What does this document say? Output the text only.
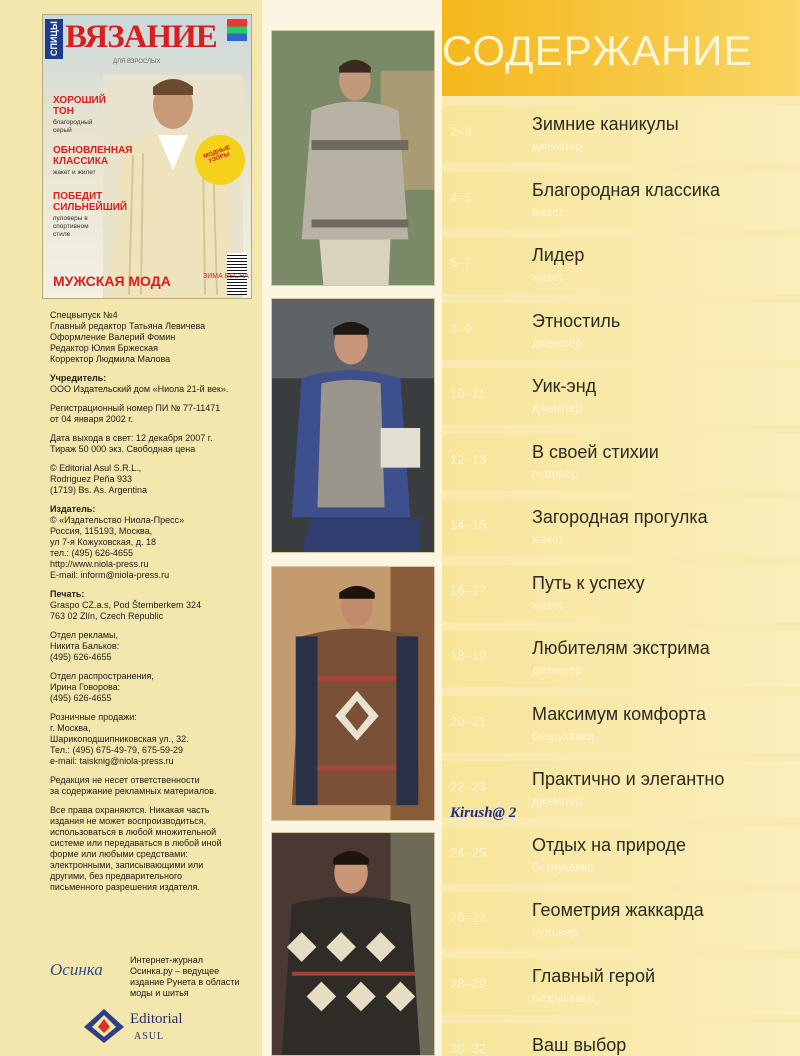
СПИЦЫ ВЯЗАНИЕ
ДЛЯ ВЗРОСЛЫХ
ХОРОШИЙ ТОН
благородный серый
ОБНОВЛЕННАЯ КЛАССИКА
жакет и жилет
ПОБЕДИТ СИЛЬНЕЙШИЙ
пуловеры в спортивном стиле
МОДНЫЕ УЗОРЫ
МУЖСКАЯ МОДА	ЗИМА ВЕСНА

Спецвыпуск №4
Главный редактор Татьяна Левичева
Оформление Валерий Фомин
Редактор Юлия Бржеская
Корректор Людмила Малова

Учредитель:
ООО Издательский дом «Ниола 21-й век».

Регистрационный номер ПИ № 77-11471
от 04 января 2002 г.

Дата выхода в свет: 12 декабря 2007 г.
Тираж 50 000 экз. Свободная цена

© Editorial Asul S.R.L.,
Rodriguez Peña 933
(1719) Bs. As. Argentina

Издатель:
© «Издательство Ниола-Пресс»
Россия, 115193, Москва,
ул 7-я Кожуховская, д. 18
тел.: (495) 626-4655
http://www.niola-press.ru
E-mail: inform@niola-press.ru

Печать:
Graspo CZ.a.s, Pod Šternberkem 324
763 02 Zlín, Czech Republic

Отдел рекламы,
Никита Бальков:
(495) 626-4655

Отдел распространения,
Ирина Говорова:
(495) 626-4655

Розничные продажи:
г. Москва,
Шарикоподшипниковская ул., 32.
Тел.: (495) 675-49-79, 675-59-29
e-mail: taisknig@niola-press.ru

Редакция не несет ответственности
за содержание рекламных материалов.

Все права охраняются. Никакая часть
издания не может воспроизводиться,
использоваться в любой множительной
системе или передаваться в любой иной
форме или любыми средствами:
электронными, записывающими или
другими, без предварительного
письменного разрешения издателя.

Осинка	Интернет-журнал
Осинка.ру – ведущее
издание Рунета в области
моды и шитья
Editorial
ASUL
СОДЕРЖАНИЕ
2–3	Зимние каникулы
джемпер
4–5	Благородная классика
жакет
6–7	Лидер
жакет
8–9	Этностиль
джемпер
10–11	Уик-энд
джемпер
12–13	В своей стихии
пуловер
14–15	Загородная прогулка
жакет
16–17	Путь к успеху
жакет
18–19	Любителям экстрима
джемпер
20–21	Максимум комфорта
безрукавка
22–23	Практично и элегантно
джемпер
24–25	Отдых на природе
безрукавка
26–27	Геометрия жаккарда
пуловер
28–29	Главный герой
безрукавка
30–32	Ваш выбор
Kirush@ 2
